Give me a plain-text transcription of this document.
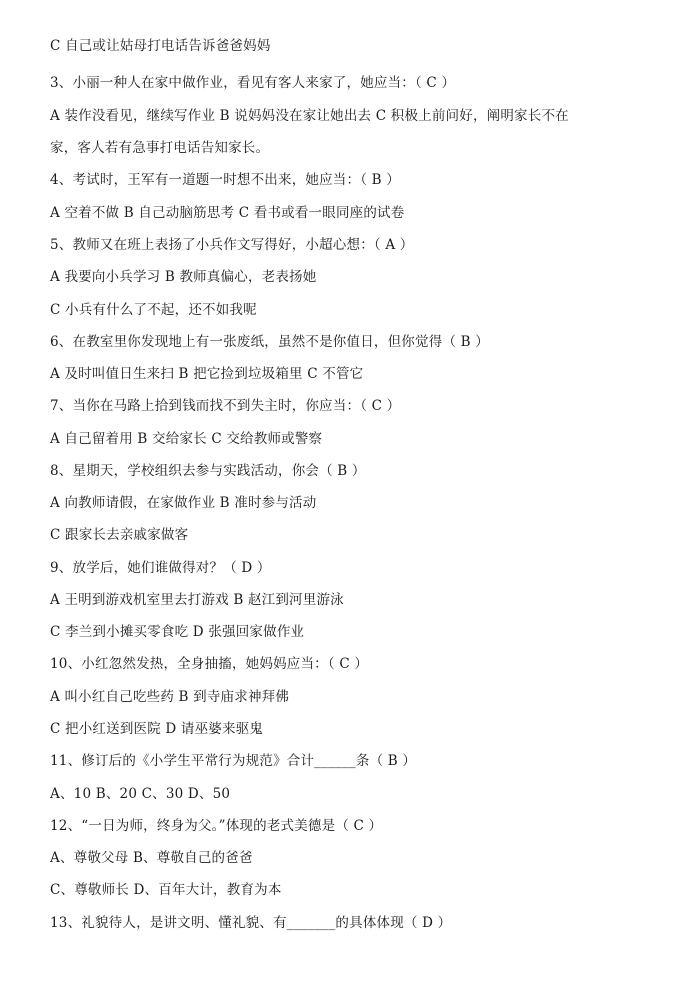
C 自己或让姑母打电话告诉爸爸妈妈
3、小丽一种人在家中做作业，看见有客人来家了，她应当：（ C ）
A 装作没看见，继续写作业 B 说妈妈没在家让她出去 C 积极上前问好，阐明家长不在
家，客人若有急事打电话告知家长。
4、考试时，王军有一道题一时想不出来，她应当：（ B ）
A 空着不做 B 自己动脑筋思考 C 看书或看一眼同座的试卷
5、教师又在班上表扬了小兵作文写得好，小超心想：（ A ）
A 我要向小兵学习 B 教师真偏心，老表扬她
C 小兵有什么了不起，还不如我呢
6、在教室里你发现地上有一张废纸，虽然不是你值日，但你觉得（ B ）
A 及时叫值日生来扫 B 把它捡到垃圾箱里 C 不管它
7、当你在马路上拾到钱而找不到失主时，你应当：（ C ）
A 自己留着用 B 交给家长 C 交给教师或警察
8、星期天，学校组织去参与实践活动，你会（ B ）
A 向教师请假，在家做作业 B 准时参与活动
C 跟家长去亲戚家做客
9、放学后，她们谁做得对？（ D ）
A 王明到游戏机室里去打游戏 B 赵江到河里游泳
C 李兰到小摊买零食吃 D 张强回家做作业
10、小红忽然发热，全身抽搐，她妈妈应当：（ C ）
A 叫小红自己吃些药 B 到寺庙求神拜佛
C 把小红送到医院 D 请巫婆来驱鬼
11、修订后的《小学生平常行为规范》合计______条（ B ）
A、10 B、20 C、30 D、50
12、“一日为师，终身为父。”体现的老式美德是（ C ）
A、尊敬父母 B、尊敬自己的爸爸
C、尊敬师长 D、百年大计，教育为本
13、礼貌待人，是讲文明、懂礼貌、有_______的具体体现（ D ）
